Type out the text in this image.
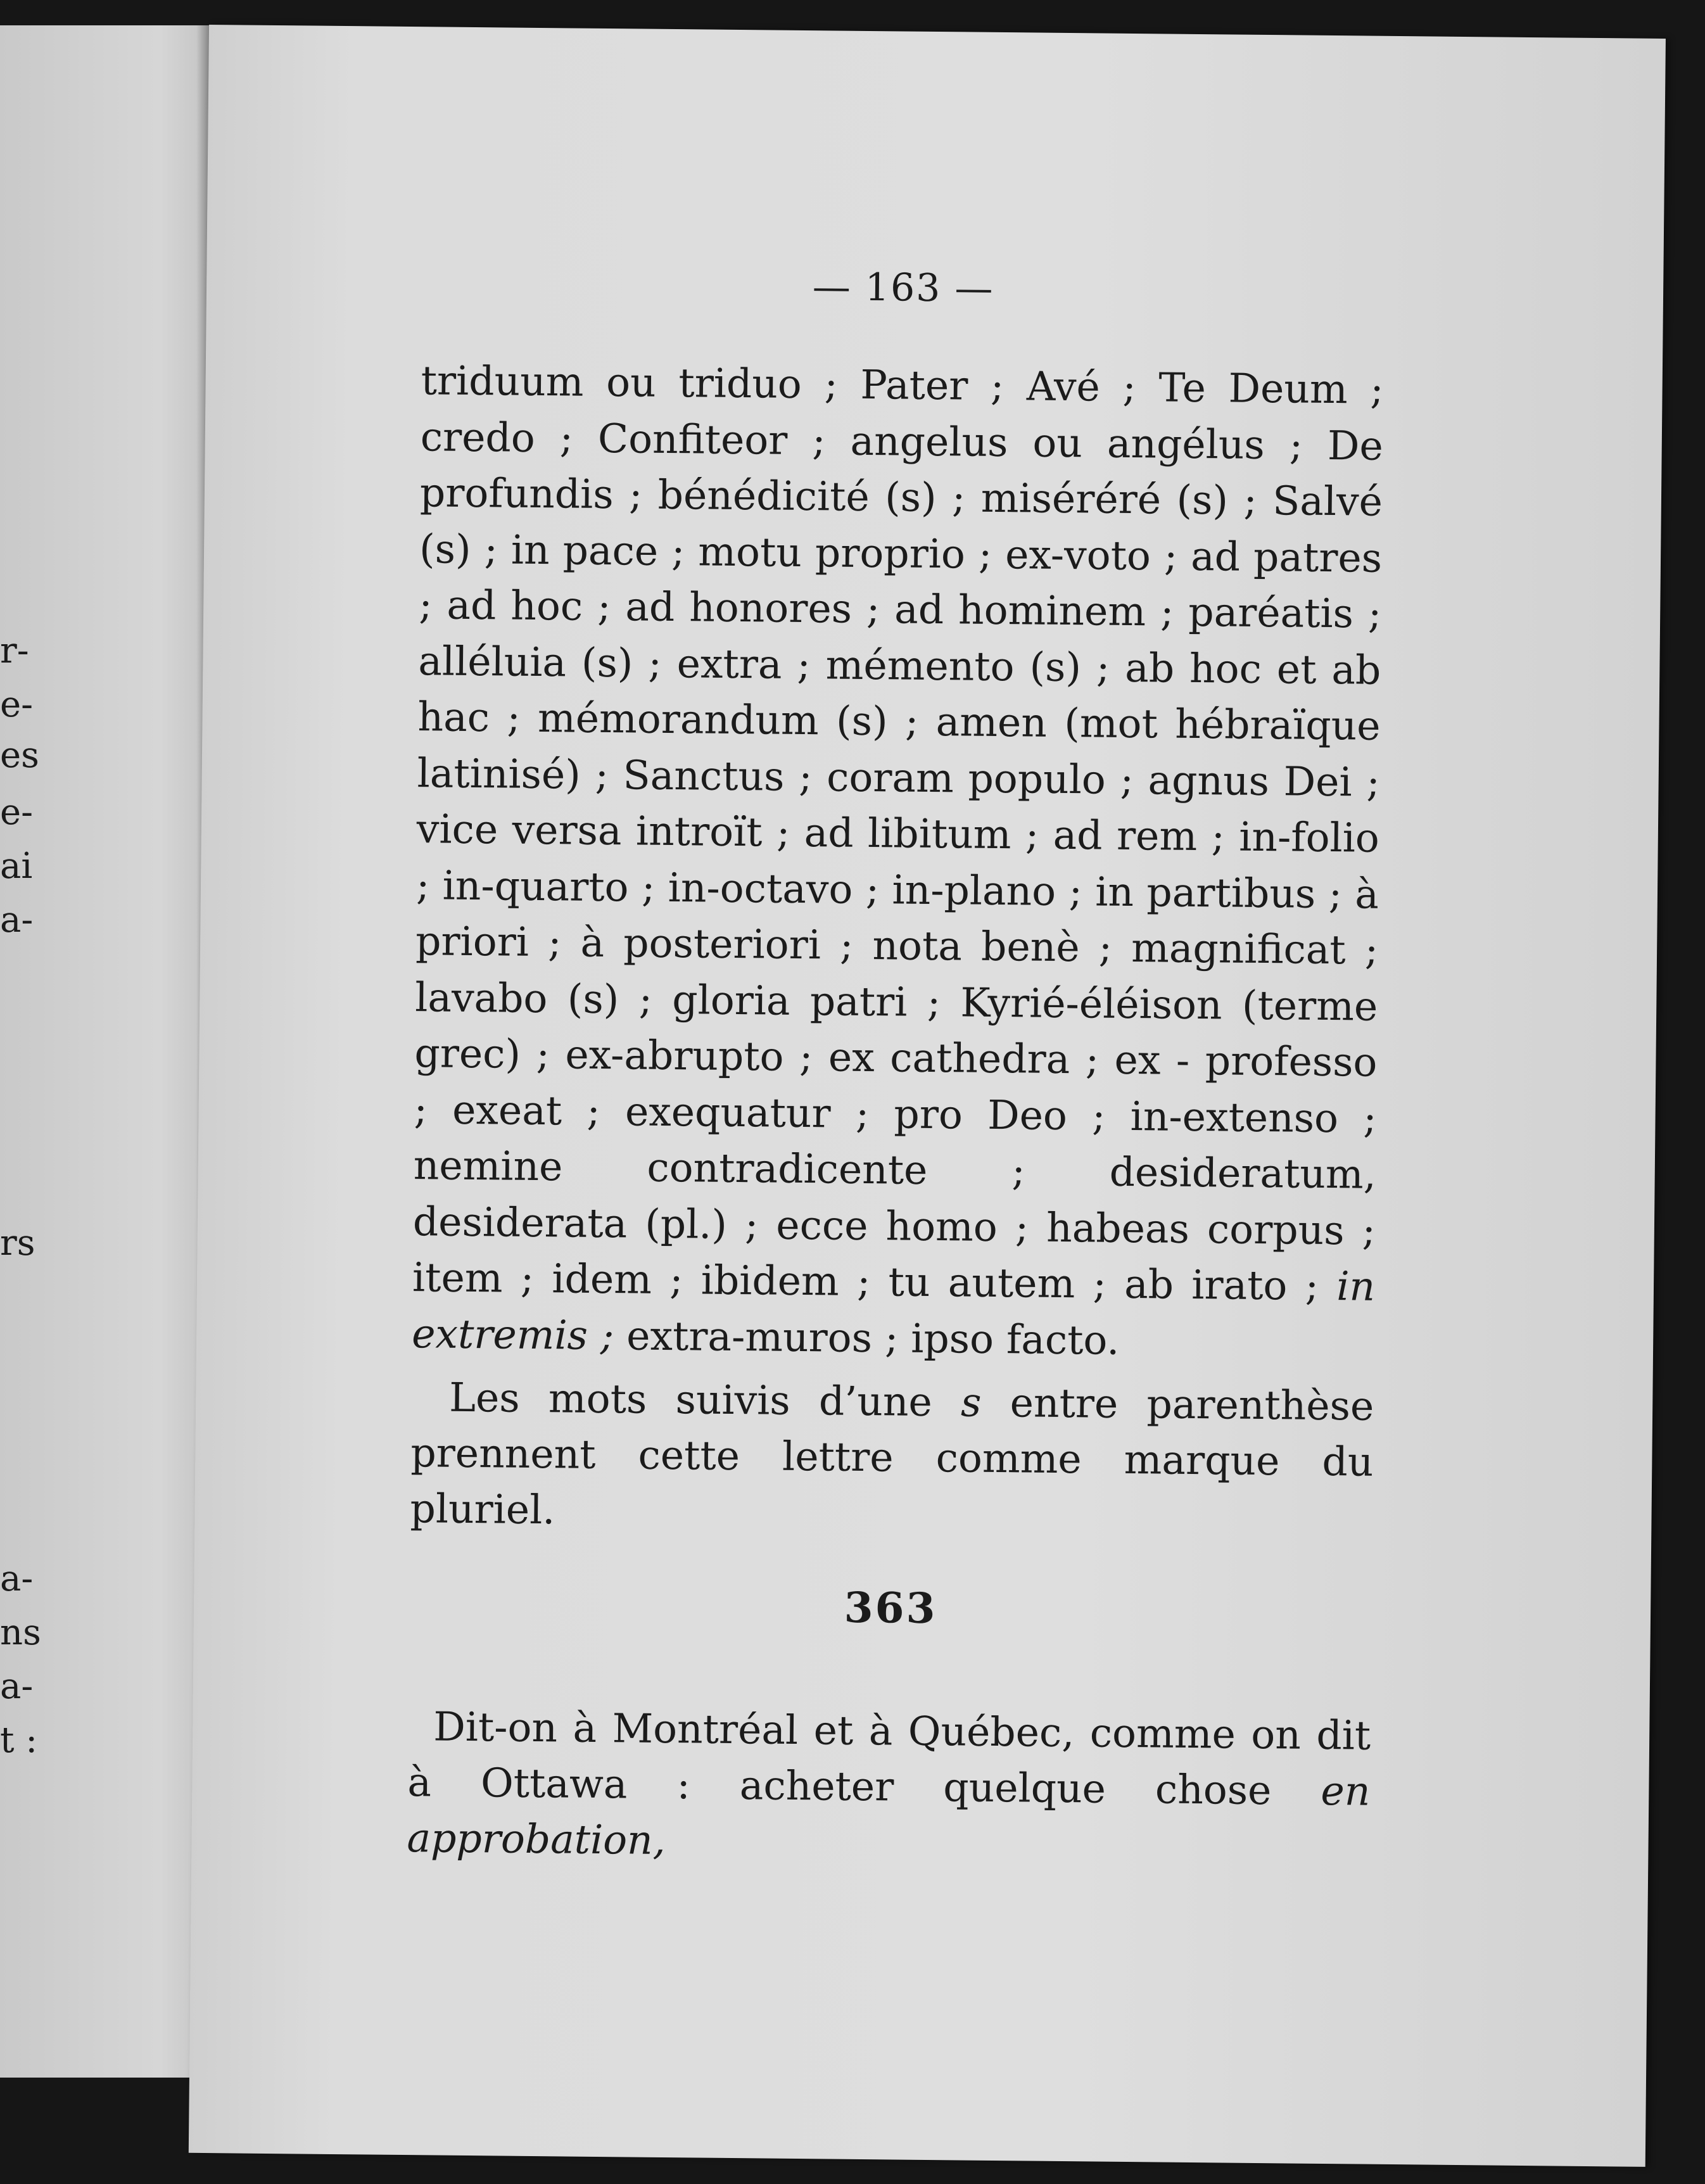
r-
e-
es
e-
ai
a-
rs
a-
ns
a-
t :
— 163 —

triduum ou triduo ; Pater ; Avé ; Te Deum ; credo ; Confiteor ; angelus ou angélus ; De profundis ; bénédicité (s) ; miséréré (s) ; Salvé (s) ; in pace ; motu proprio ; ex-voto ; ad patres ; ad hoc ; ad honores ; ad hominem ; paréatis ; alléluia (s) ; extra ; mémento (s) ; ab hoc et ab hac ; mémorandum (s) ; amen (mot hébraïque latinisé) ; Sanctus ; coram populo ; agnus Dei ; vice versa introït ; ad libitum ; ad rem ; in-folio ; in-quarto ; in-octavo ; in-plano ; in partibus ; à priori ; à posteriori ; nota benè ; magnificat ; lavabo (s) ; gloria patri ; Kyrié-éléison (terme grec) ; ex-abrupto ; ex cathedra ; ex - professo ; exeat ; exequatur ; pro Deo ; in-extenso ; nemine contradicente ; desideratum, desiderata (pl.) ; ecce homo ; habeas corpus ; item ; idem ; ibidem ; tu autem ; ab irato ; in extremis ; extra-muros ; ipso facto.

Les mots suivis d’une s entre parenthèse prennent cette lettre comme marque du pluriel.
363
Dit-on à Montréal et à Québec, comme on dit à Ottawa : acheter quelque chose en approbation,
